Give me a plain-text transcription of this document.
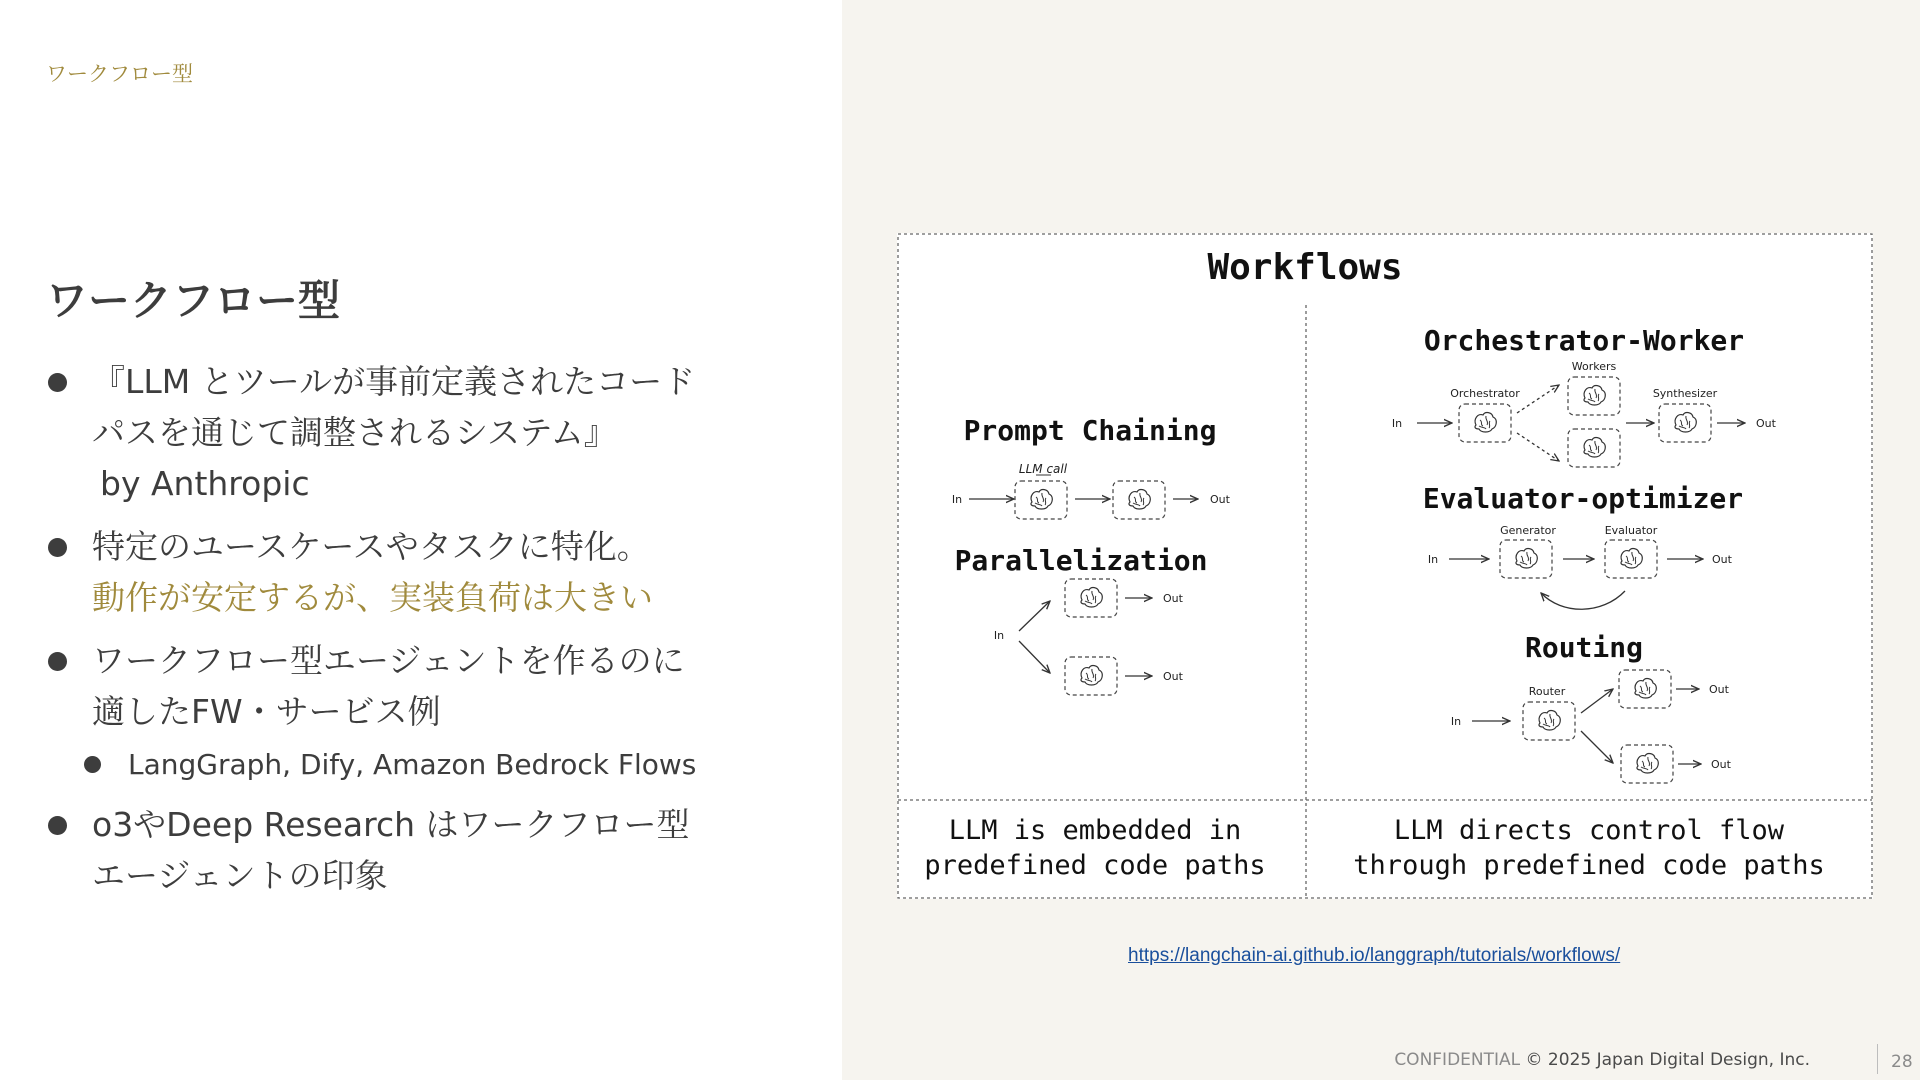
ワークフロー型
ワークフロー型
『LLM とツールが事前定義されたコード
パスを通じて調整されるシステム』
by Anthropic
特定のユースケースやタスクに特化。
動作が安定するが、実装負荷は大きい
ワークフロー型エージェントを作るのに
適したFW・サービス例
LangGraph, Dify, Amazon Bedrock Flows
o3やDeep Research はワークフロー型
エージェントの印象
Workflows
Prompt Chaining
LLM call
In	Out
Parallelization
In
Out
Out
Orchestrator-Worker
Workers
Orchestrator	Synthesizer
In	Out
Evaluator-optimizer
Generator	Evaluator
In	Out
Routing
Router
In
Out
Out
LLM is embedded in
predefined code paths
LLM directs control flow
through predefined code paths
https://langchain-ai.github.io/langgraph/tutorials/workflows/
CONFIDENTIAL © 2025 Japan Digital Design, Inc.	28
